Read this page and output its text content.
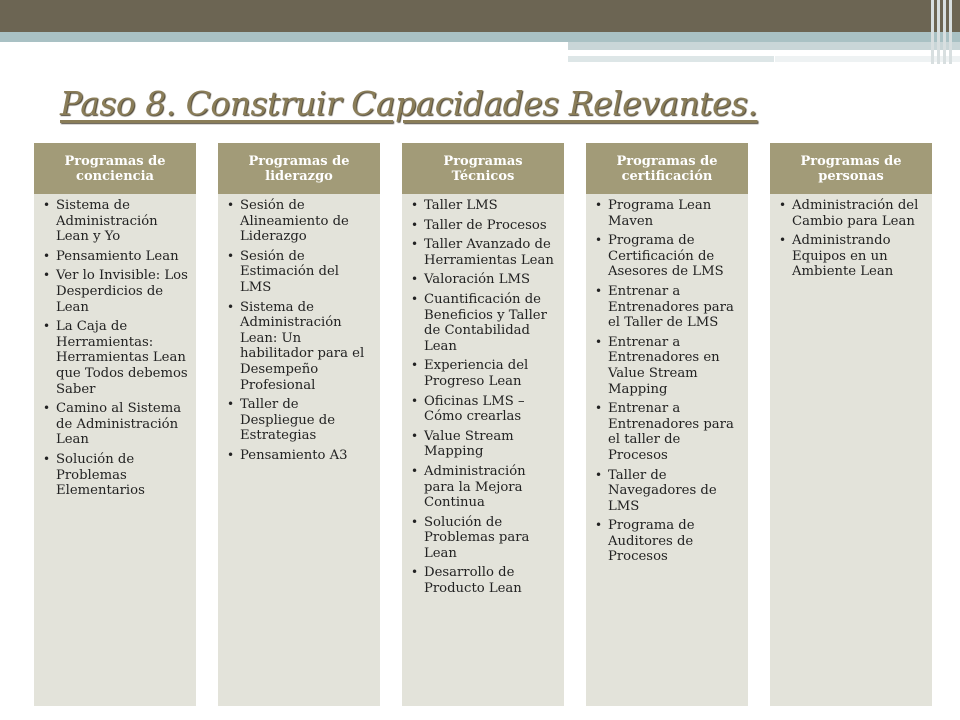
Paso 8. Construir Capacidades Relevantes.
Programas de conciencia
• Sistema de Administración Lean y Yo
• Pensamiento Lean
• Ver lo Invisible: Los Desperdicios de Lean
• La Caja de Herramientas: Herramientas Lean que Todos debemos Saber
• Camino al Sistema de Administración Lean
• Solución de Problemas Elementarios
Programas de liderazgo
• Sesión de Alineamiento de Liderazgo
• Sesión de Estimación del LMS
• Sistema de Administración Lean: Un habilitador para el Desempeño Profesional
• Taller de Despliegue de Estrategias
• Pensamiento A3
Programas Técnicos
• Taller LMS
• Taller de Procesos
• Taller Avanzado de Herramientas Lean
• Valoración LMS
• Cuantificación de Beneficios y Taller de Contabilidad Lean
• Experiencia del Progreso Lean
• Oficinas LMS – Cómo crearlas
• Value Stream Mapping
• Administración para la Mejora Continua
• Solución de Problemas para Lean
• Desarrollo de Producto Lean
Programas de certificación
• Programa Lean Maven
• Programa de Certificación de Asesores de LMS
• Entrenar a Entrenadores para el Taller de LMS
• Entrenar a Entrenadores en Value Stream Mapping
• Entrenar a Entrenadores para el taller de Procesos
• Taller de Navegadores de LMS
• Programa de Auditores de Procesos
Programas de personas
• Administración del Cambio para Lean
• Administrando Equipos en un Ambiente Lean
